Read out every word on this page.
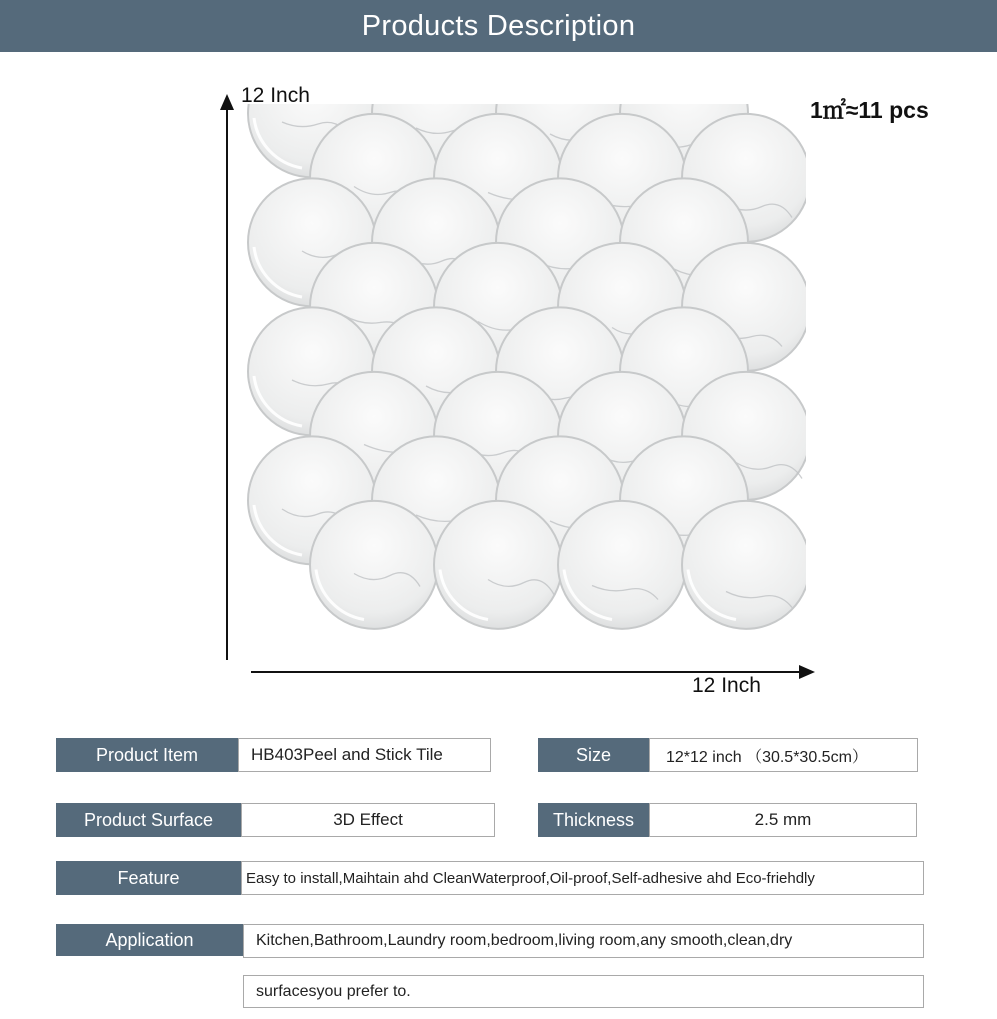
Products Description
12 Inch
12 Inch
1㎡≈11 pcs
Product Item	HB403Peel and Stick Tile	Size	12*12 inch （30.5*30.5cm）
Product Surface	3D Effect	Thickness	2.5 mm
Feature	Easy to install,Maihtain ahd CleanWaterproof,Oil-proof,Self-adhesive ahd Eco-friehdly
Application	Kitchen,Bathroom,Laundry room,bedroom,living room,any smooth,clean,dry
surfacesyou prefer to.
